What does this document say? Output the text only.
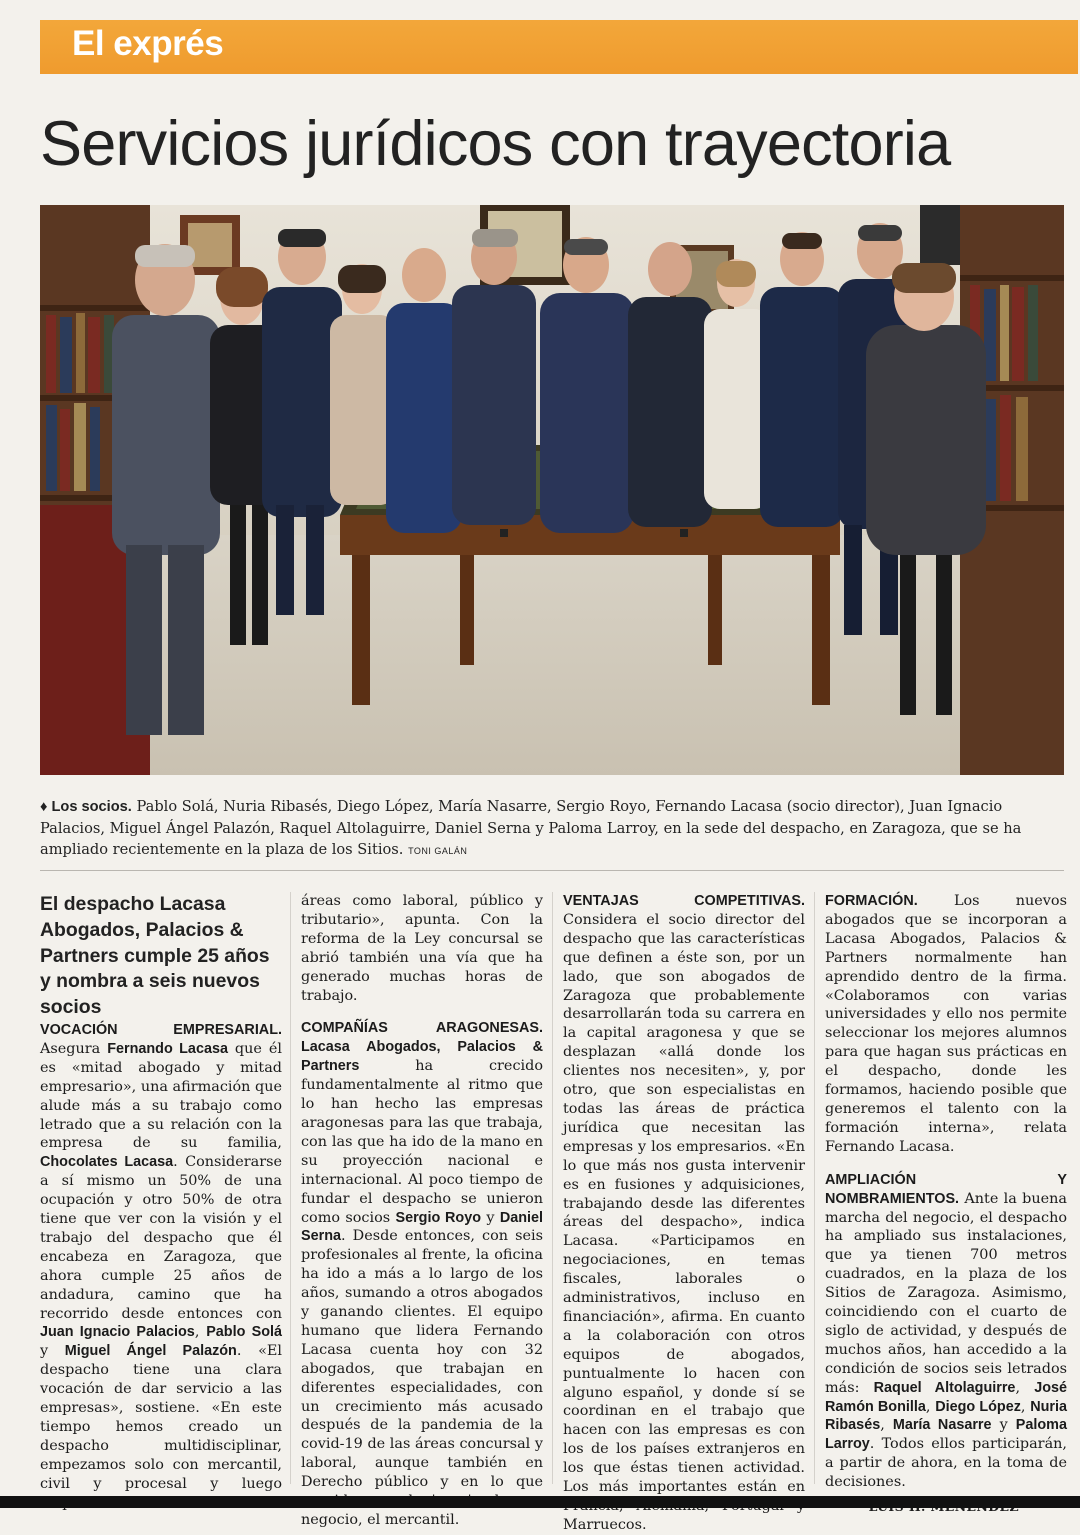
El exprés
Servicios jurídicos con trayectoria
♦ Los socios. Pablo Solá, Nuria Ribasés, Diego López, María Nasarre, Sergio Royo, Fernando Lacasa (socio director), Juan Ignacio Palacios, Miguel Ángel Palazón, Raquel Altolaguirre, Daniel Serna y Paloma Larroy, en la sede del despacho, en Zaragoza, que se ha ampliado recientemente en la plaza de los Sitios. TONI GALÁN

El despacho Lacasa Abogados, Palacios & Partners cumple 25 años y nombra a seis nuevos socios

VOCACIÓN EMPRESARIAL. Asegura Fernando Lacasa que él es «mitad abogado y mitad empresario», una afirmación que alude más a su trabajo como letrado que a su relación con la empresa de su familia, Chocolates Lacasa. Considerarse a sí mismo un 50% de una ocupación y otro 50% de otra tiene que ver con la visión y el trabajo del despacho que él encabeza en Zaragoza, que ahora cumple 25 años de andadura, camino que ha recorrido desde entonces con Juan Ignacio Palacios, Pablo Solá y Miguel Ángel Palazón. «El despacho tiene una clara vocación de dar servicio a las empresas», sostiene. «En este tiempo hemos creado un despacho multidisciplinar, empezamos solo con mercantil, civil y procesal y luego

áreas como laboral, público y tributario», apunta. Con la reforma de la Ley concursal se abrió también una vía que ha generado muchas horas de trabajo.

COMPAÑÍAS ARAGONESAS. Lacasa Abogados, Palacios & Partners ha crecido fundamentalmente al ritmo que lo han hecho las empresas aragonesas para las que trabaja, con las que ha ido de la mano en su proyección nacional e internacional. Al poco tiempo de fundar el despacho se unieron como socios Sergio Royo y Daniel Serna. Desde entonces, con seis profesionales al frente, la oficina ha ido a más a lo largo de los años, sumando a otros abogados y ganando clientes. El equipo humano que lidera Fernando Lacasa cuenta hoy con 32 abogados, que trabajan en diferentes especialidades, con un crecimiento más acusado después de la pandemia de la covid-19 de las áreas concursal y laboral, aunque también en Derecho público y en lo que negocio, el mercantil.

VENTAJAS COMPETITIVAS. Considera el socio director del despacho que las características que definen a éste son, por un lado, que son abogados de Zaragoza que probablemente desarrollarán toda su carrera en la capital aragonesa y que se desplazan «allá donde los clientes nos necesiten», y, por otro, que son especialistas en todas las áreas de práctica jurídica que necesitan las empresas y los empresarios. «En lo que más nos gusta intervenir es en fusiones y adquisiciones, trabajando desde las diferentes áreas del despacho», indica Lacasa. «Participamos en negociaciones, en temas fiscales, laborales o administrativos, incluso en financiación», afirma. En cuanto a la colaboración con otros equipos de abogados, puntualmente lo hacen con alguno español, y donde sí se coordinan en el trabajo que hacen con las empresas es con los de los países extranjeros en los que éstas tienen actividad. Los más importantes están en Marruecos.

FORMACIÓN. Los nuevos abogados que se incorporan a Lacasa Abogados, Palacios & Partners normalmente han aprendido dentro de la firma. «Colaboramos con varias universidades y ello nos permite seleccionar los mejores alumnos para que hagan sus prácticas en el despacho, donde les formamos, haciendo posible que generemos el talento con la formación interna», relata Fernando Lacasa.

AMPLIACIÓN Y NOMBRAMIENTOS. Ante la buena marcha del negocio, el despacho ha ampliado sus instalaciones, que ya tienen 700 metros cuadrados, en la plaza de los Sitios de Zaragoza. Asimismo, coincidiendo con el cuarto de siglo de actividad, y después de muchos años, han accedido a la condición de socios seis letrados más: Raquel Altolaguirre, José Ramón Bonilla, Diego López, Nuria Ribasés, María Nasarre y Paloma Larroy. Todos ellos participarán, a partir de ahora, en la toma de decisiones.
